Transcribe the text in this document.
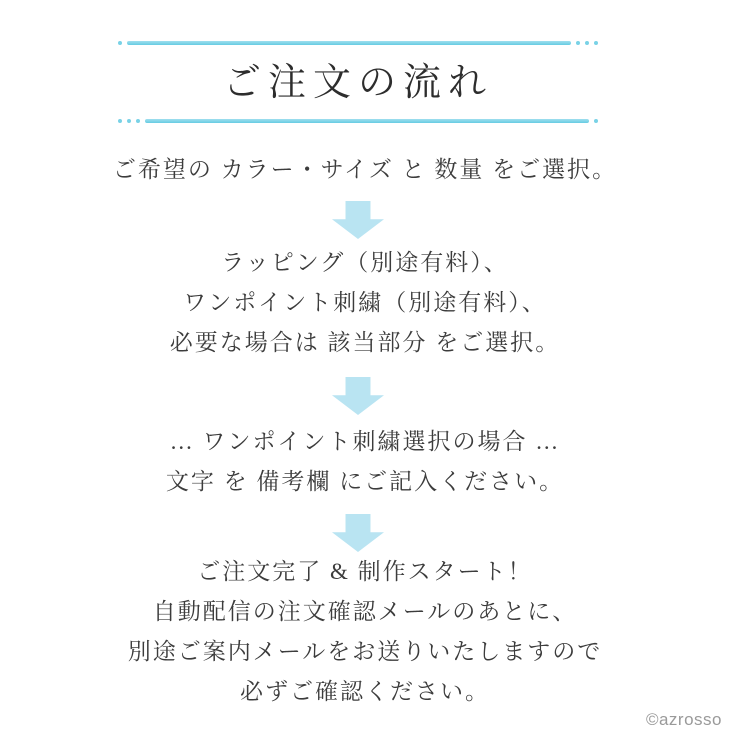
ご注文の流れ
ご希望の カラー・サイズ と 数量 をご選択。
ラッピング（別途有料）、
ワンポイント刺繍（別途有料）、
必要な場合は 該当部分 をご選択。
… ワンポイント刺繍選択の場合 …
文字 を 備考欄 にご記入ください。
ご注文完了 & 制作スタート！
自動配信の注文確認メールのあとに、
別途ご案内メールをお送りいたしますので
必ずご確認ください。
©azrosso
